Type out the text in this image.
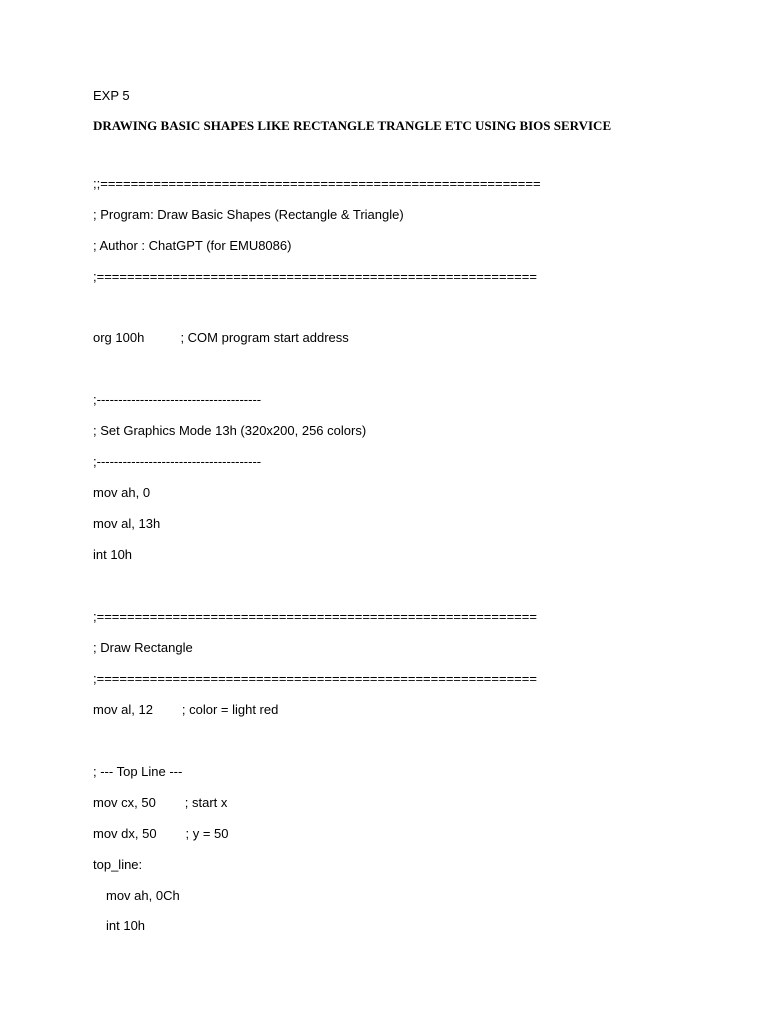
EXP 5
DRAWING BASIC SHAPES LIKE RECTANGLE TRANGLE ETC USING BIOS SERVICE
;;==========================================================
; Program: Draw Basic Shapes (Rectangle & Triangle)
; Author : ChatGPT (for EMU8086)
;==========================================================
org 100h          ; COM program start address
;--------------------------------------
; Set Graphics Mode 13h (320x200, 256 colors)
;--------------------------------------
mov ah, 0
mov al, 13h
int 10h
;==========================================================
; Draw Rectangle
;==========================================================
mov al, 12        ; color = light red
; --- Top Line ---
mov cx, 50        ; start x
mov dx, 50        ; y = 50
top_line:
mov ah, 0Ch
int 10h
